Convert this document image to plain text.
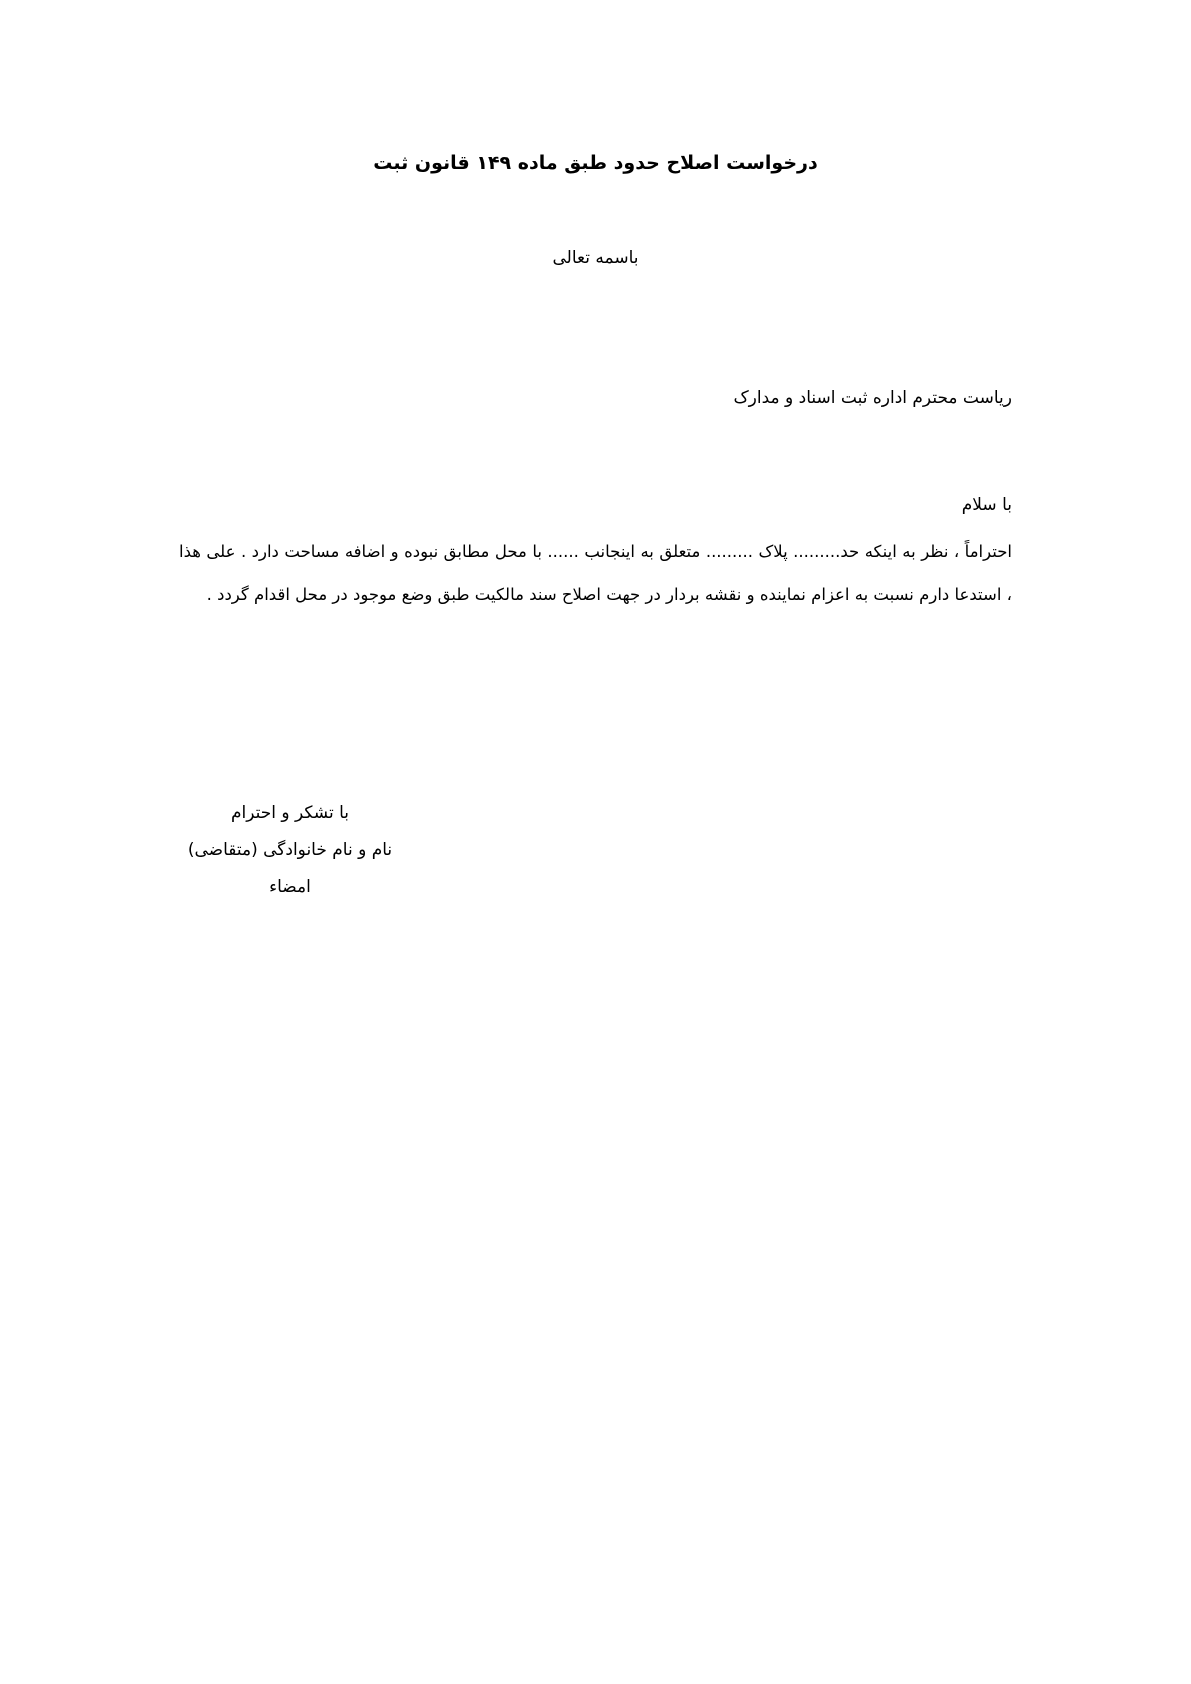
درخواست اصلاح حدود طبق ماده ۱۴۹ قانون ثبت
باسمه تعالی
ریاست محترم اداره ثبت اسناد و مدارک
با سلام

احتراماً ، نظر به اینکه حد......... پلاک ......... متعلق به اینجانب ...... با محل مطابق نبوده و اضافه مساحت دارد . علی هذا ، استدعا دارم نسبت به اعزام نماینده و نقشه بردار در جهت اصلاح سند مالکیت طبق وضع موجود در محل اقدام گردد .

با تشکر و احترام
نام و نام خانوادگی (متقاضی)
امضاء
